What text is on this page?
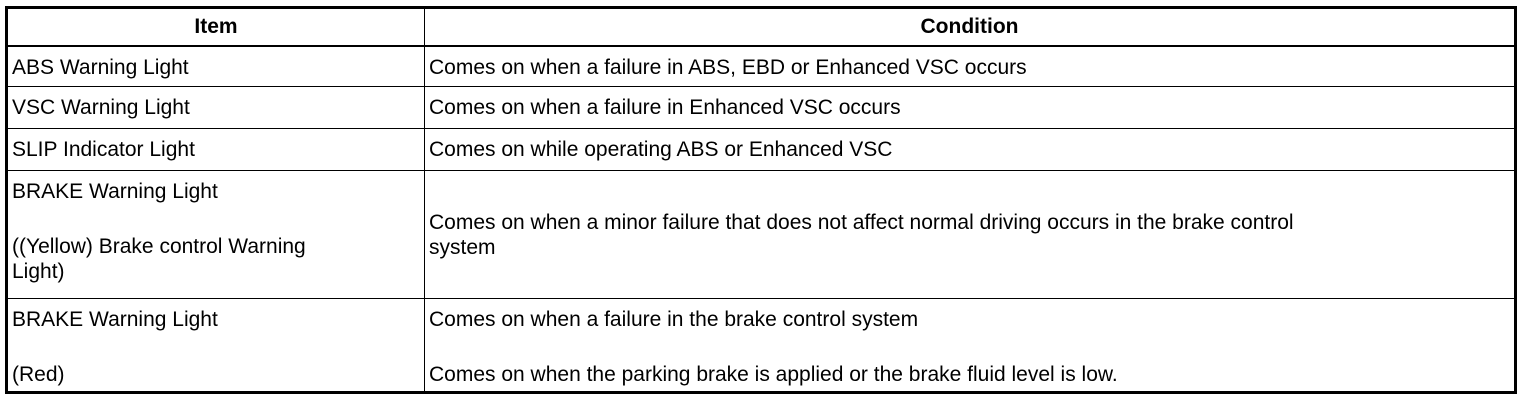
Item	Condition

ABS Warning Light	Comes on when a failure in ABS, EBD or Enhanced VSC occurs

VSC Warning Light	Comes on when a failure in Enhanced VSC occurs

SLIP Indicator Light	Comes on while operating ABS or Enhanced VSC

BRAKE Warning Light
((Yellow) Brake control Warning
Light)	Comes on when a minor failure that does not affect normal driving occurs in the brake control
system

BRAKE Warning Light
(Red)	Comes on when a failure in the brake control system
Comes on when the parking brake is applied or the brake fluid level is low.
